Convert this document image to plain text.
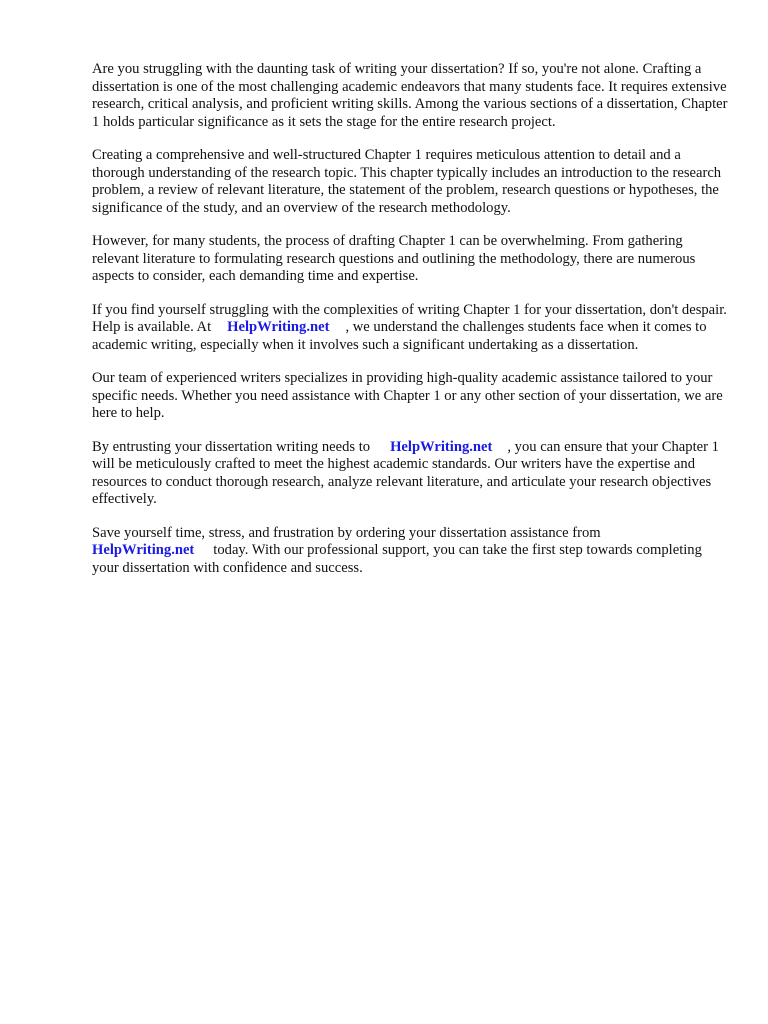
Are you struggling with the daunting task of writing your dissertation? If so, you're not alone. Crafting a dissertation is one of the most challenging academic endeavors that many students face. It requires extensive research, critical analysis, and proficient writing skills. Among the various sections of a dissertation, Chapter 1 holds particular significance as it sets the stage for the entire research project.

Creating a comprehensive and well-structured Chapter 1 requires meticulous attention to detail and a thorough understanding of the research topic. This chapter typically includes an introduction to the research problem, a review of relevant literature, the statement of the problem, research questions or hypotheses, the significance of the study, and an overview of the research methodology.

However, for many students, the process of drafting Chapter 1 can be overwhelming. From gathering relevant literature to formulating research questions and outlining the methodology, there are numerous aspects to consider, each demanding time and expertise.

If you find yourself struggling with the complexities of writing Chapter 1 for your dissertation, don't despair. Help is available. At HelpWriting.net , we understand the challenges students face when it comes to academic writing, especially when it involves such a significant undertaking as a dissertation.

Our team of experienced writers specializes in providing high-quality academic assistance tailored to your specific needs. Whether you need assistance with Chapter 1 or any other section of your dissertation, we are here to help.

By entrusting your dissertation writing needs to HelpWriting.net , you can ensure that your Chapter 1 will be meticulously crafted to meet the highest academic standards. Our writers have the expertise and resources to conduct thorough research, analyze relevant literature, and articulate your research objectives effectively.

Save yourself time, stress, and frustration by ordering your dissertation assistance from
HelpWriting.net today. With our professional support, you can take the first step towards completing your dissertation with confidence and success.
